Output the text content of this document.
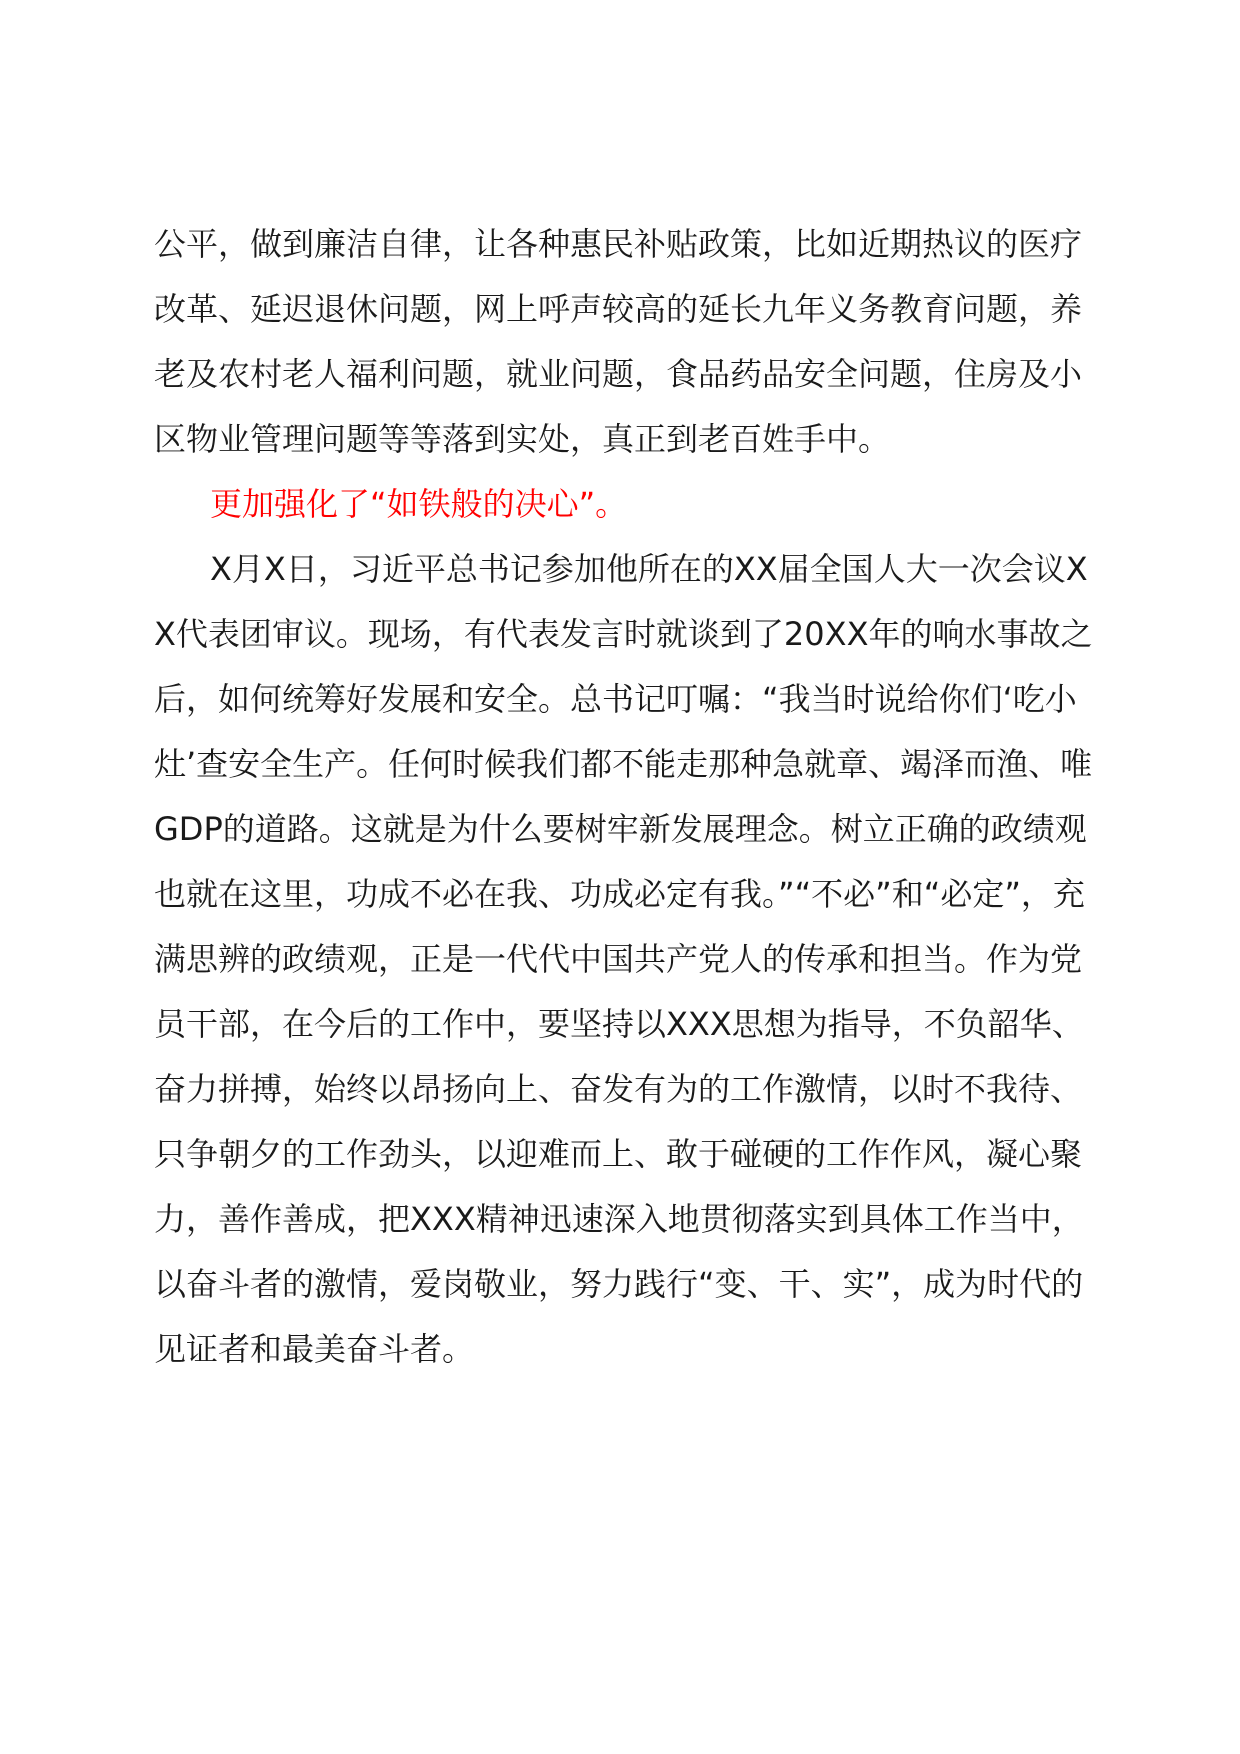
公平，做到廉洁自律，让各种惠民补贴政策，比如近期热议的医疗改革、延迟退休问题，网上呼声较高的延长九年义务教育问题，养老及农村老人福利问题，就业问题，食品药品安全问题，住房及小区物业管理问题等等落到实处，真正到老百姓手中。

更加强化了“如铁般的决心”。

X月X日，习近平总书记参加他所在的XX届全国人大一次会议XX代表团审议。现场，有代表发言时就谈到了20XX年的响水事故之后，如何统筹好发展和安全。总书记叮嘱：“我当时说给你们‘吃小灶’查安全生产。任何时候我们都不能走那种急就章、竭泽而渔、唯GDP的道路。这就是为什么要树牢新发展理念。树立正确的政绩观也就在这里，功成不必在我、功成必定有我。”“不必”和“必定”，充满思辨的政绩观，正是一代代中国共产党人的传承和担当。作为党员干部，在今后的工作中，要坚持以XXX思想为指导，不负韶华、奋力拼搏，始终以昂扬向上、奋发有为的工作激情，以时不我待、只争朝夕的工作劲头，以迎难而上、敢于碰硬的工作作风，凝心聚力，善作善成，把XXX精神迅速深入地贯彻落实到具体工作当中，以奋斗者的激情，爱岗敬业，努力践行“变、干、实”，成为时代的见证者和最美奋斗者。
